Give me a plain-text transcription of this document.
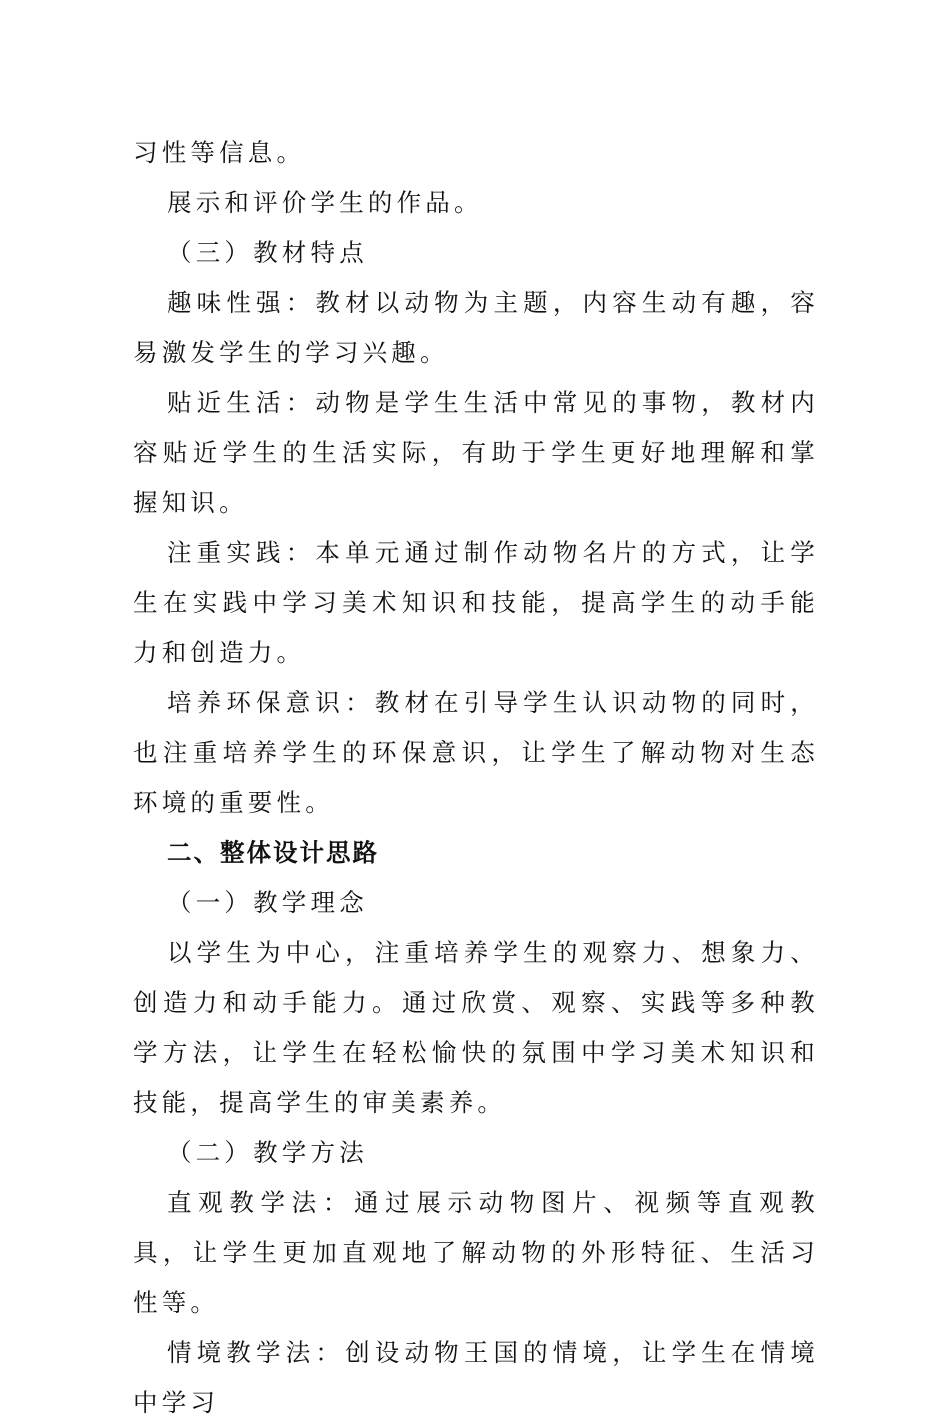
习性等信息。

展示和评价学生的作品。

（三）教材特点

趣味性强：教材以动物为主题，内容生动有趣，容易激发学生的学习兴趣。

贴近生活：动物是学生生活中常见的事物，教材内容贴近学生的生活实际，有助于学生更好地理解和掌握知识。

注重实践：本单元通过制作动物名片的方式，让学生在实践中学习美术知识和技能，提高学生的动手能力和创造力。

培养环保意识：教材在引导学生认识动物的同时，也注重培养学生的环保意识，让学生了解动物对生态环境的重要性。

二、整体设计思路

（一）教学理念

以学生为中心，注重培养学生的观察力、想象力、创造力和动手能力。通过欣赏、观察、实践等多种教学方法，让学生在轻松愉快的氛围中学习美术知识和技能，提高学生的审美素养。

（二）教学方法

直观教学法：通过展示动物图片、视频等直观教具，让学生更加直观地了解动物的外形特征、生活习性等。

情境教学法：创设动物王国的情境，让学生在情境中学习
